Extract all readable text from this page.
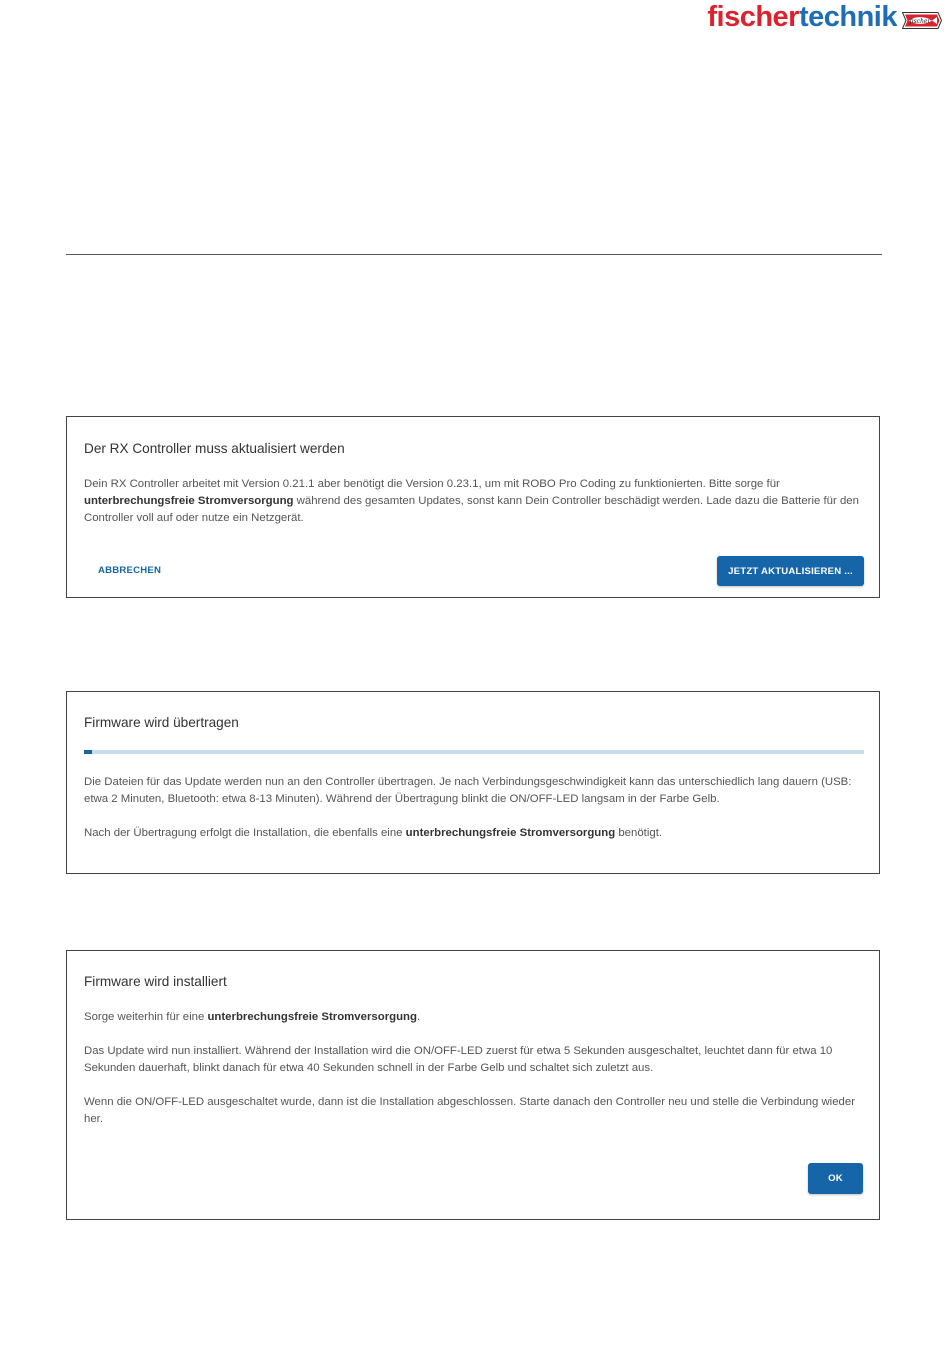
fischertechnik fischer
Der RX Controller muss aktualisiert werden

Dein RX Controller arbeitet mit Version 0.21.1 aber benötigt die Version 0.23.1, um mit ROBO Pro Coding zu funktionierten. Bitte sorge für unterbrechungsfreie Stromversorgung während des gesamten Updates, sonst kann Dein Controller beschädigt werden. Lade dazu die Batterie für den Controller voll auf oder nutze ein Netzgerät.

ABBRECHEN	JETZT AKTUALISIEREN ...
Firmware wird übertragen

Die Dateien für das Update werden nun an den Controller übertragen. Je nach Verbindungsgeschwindigkeit kann das unterschiedlich lang dauern (USB: etwa 2 Minuten, Bluetooth: etwa 8-13 Minuten). Während der Übertragung blinkt die ON/OFF-LED langsam in der Farbe Gelb.

Nach der Übertragung erfolgt die Installation, die ebenfalls eine unterbrechungsfreie Stromversorgung benötigt.

Firmware wird installiert

Sorge weiterhin für eine unterbrechungsfreie Stromversorgung.

Das Update wird nun installiert. Während der Installation wird die ON/OFF-LED zuerst für etwa 5 Sekunden ausgeschaltet, leuchtet dann für etwa 10 Sekunden dauerhaft, blinkt danach für etwa 40 Sekunden schnell in der Farbe Gelb und schaltet sich zuletzt aus.

Wenn die ON/OFF-LED ausgeschaltet wurde, dann ist die Installation abgeschlossen. Starte danach den Controller neu und stelle die Verbindung wieder her.

OK
